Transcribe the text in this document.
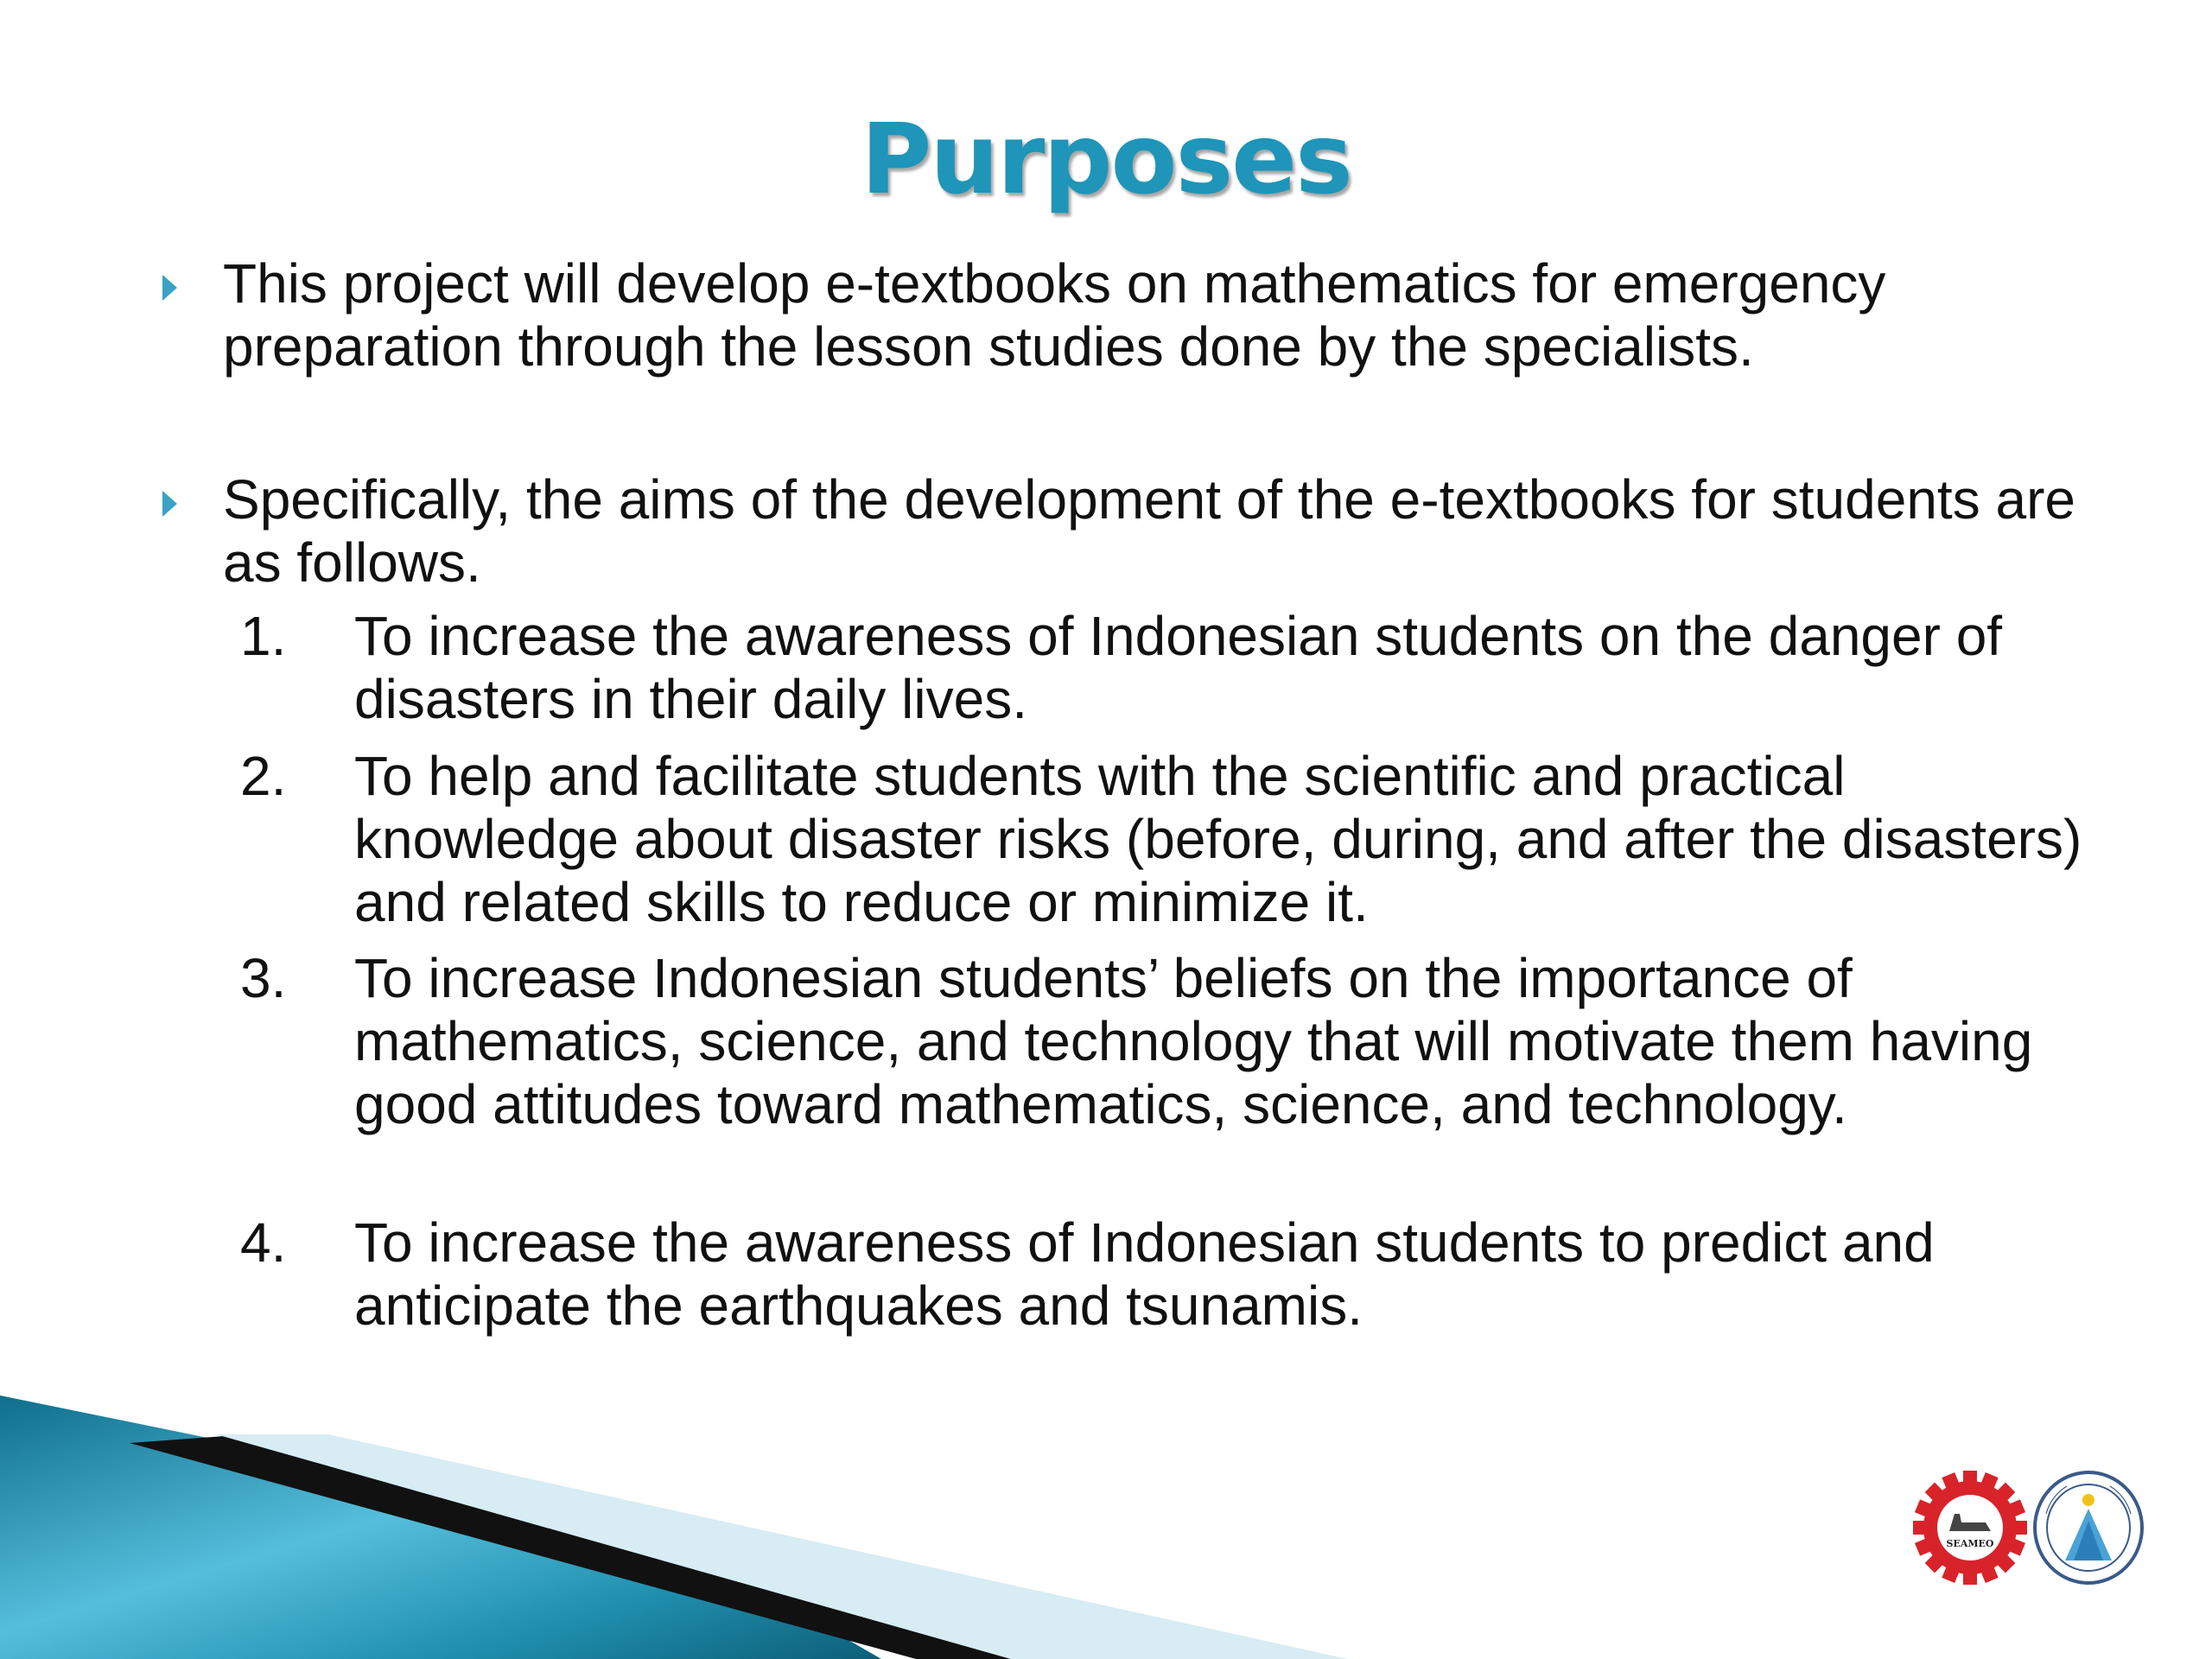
Purposes
This project will develop e-textbooks on mathematics for emergency preparation through the lesson studies done by the specialists.
Specifically, the aims of the development of the e-textbooks for students are as follows.
1.	To increase the awareness of Indonesian students on the danger of disasters in their daily lives.
2.	To help and facilitate students with the scientific and practical knowledge about disaster risks (before, during, and after the disasters) and related skills to reduce or minimize it.
3.	To increase Indonesian students’ beliefs on the importance of mathematics, science, and technology that will motivate them having good attitudes toward mathematics, science, and technology.
4.	To increase the awareness of Indonesian students to predict and anticipate the earthquakes and tsunamis.
SEAMEO
